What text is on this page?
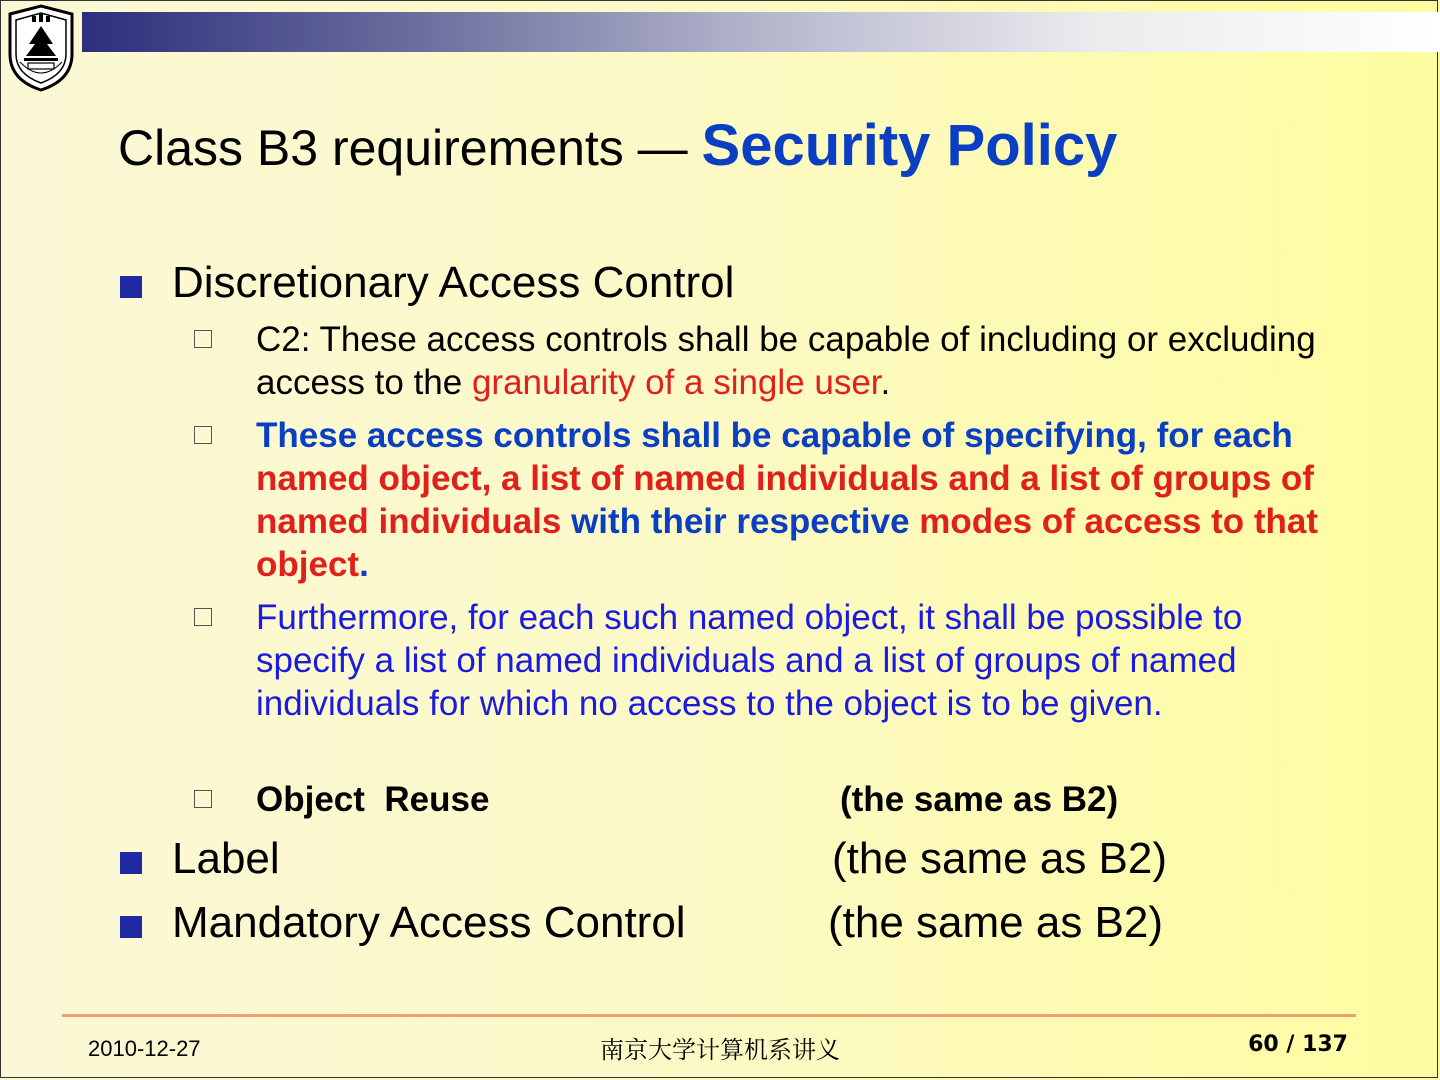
Class B3 requirements — Security Policy
Discretionary Access Control
C2: These access controls shall be capable of including or excluding access to the granularity of a single user.
These access controls shall be capable of specifying, for each named object, a list of named individuals and a list of groups of named individuals with their respective modes of access to that object.
Furthermore, for each such named object, it shall be possible to specify a list of named individuals and a list of groups of named individuals for which no access to the object is to be given.
Object  Reuse	(the same as B2)
Label	(the same as B2)
Mandatory Access Control	(the same as B2)
2010-12-27	南京大学计算机系讲义	60 / 137
